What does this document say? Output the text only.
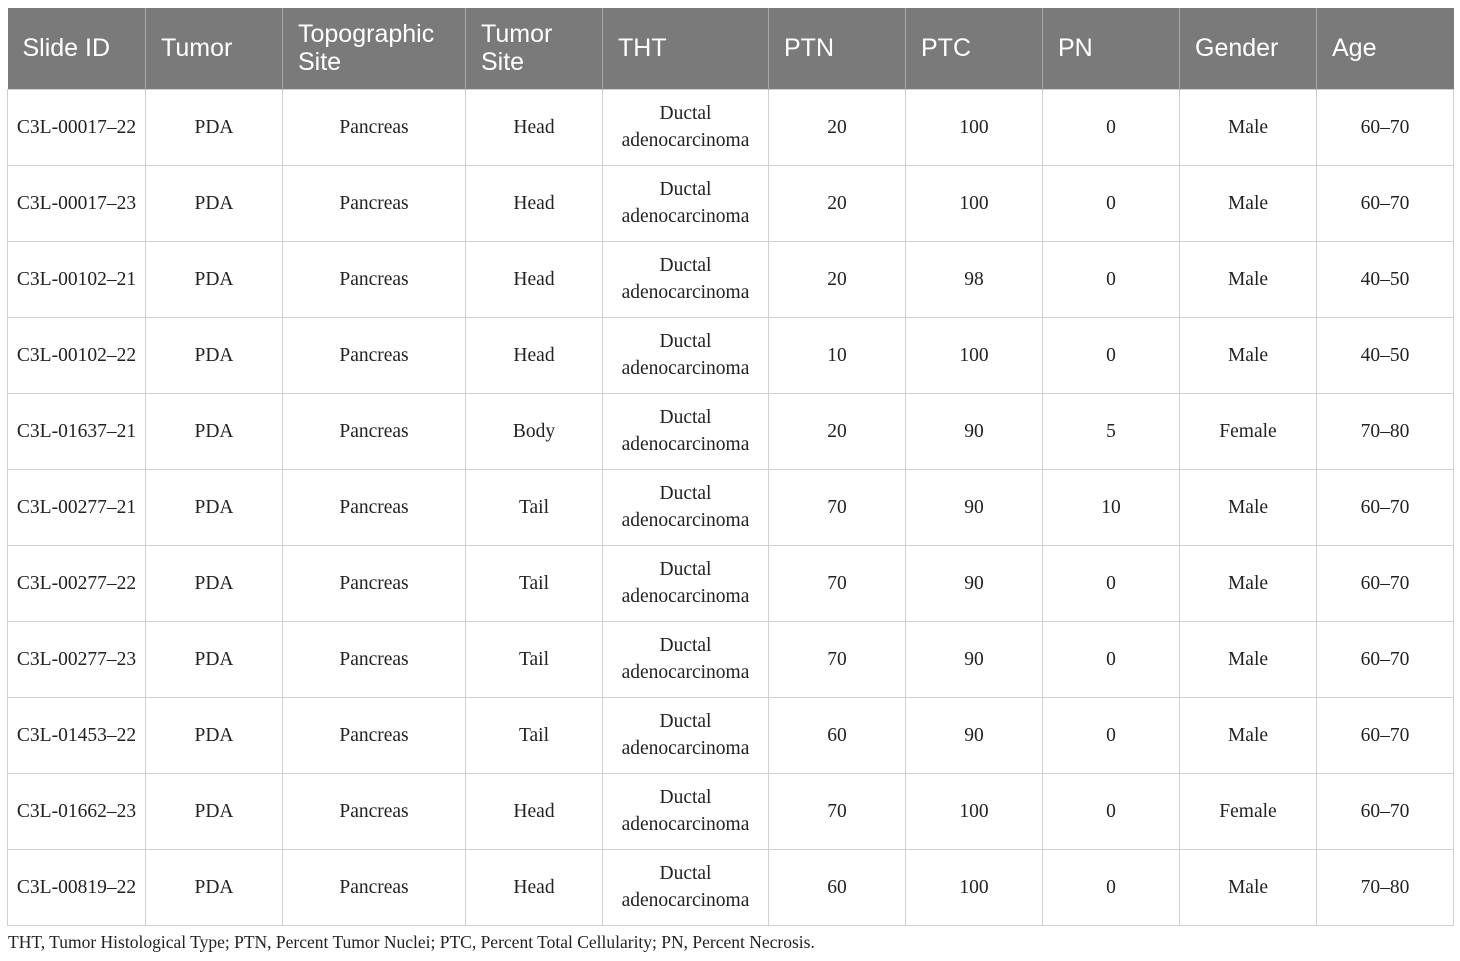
Slide ID	Tumor	Topographic Site	Tumor Site	THT	PTN	PTC	PN	Gender	Age
C3L-00017–22	PDA	Pancreas	Head	Ductal adenocarcinoma	20	100	0	Male	60–70
C3L-00017–23	PDA	Pancreas	Head	Ductal adenocarcinoma	20	100	0	Male	60–70
C3L-00102–21	PDA	Pancreas	Head	Ductal adenocarcinoma	20	98	0	Male	40–50
C3L-00102–22	PDA	Pancreas	Head	Ductal adenocarcinoma	10	100	0	Male	40–50
C3L-01637–21	PDA	Pancreas	Body	Ductal adenocarcinoma	20	90	5	Female	70–80
C3L-00277–21	PDA	Pancreas	Tail	Ductal adenocarcinoma	70	90	10	Male	60–70
C3L-00277–22	PDA	Pancreas	Tail	Ductal adenocarcinoma	70	90	0	Male	60–70
C3L-00277–23	PDA	Pancreas	Tail	Ductal adenocarcinoma	70	90	0	Male	60–70
C3L-01453–22	PDA	Pancreas	Tail	Ductal adenocarcinoma	60	90	0	Male	60–70
C3L-01662–23	PDA	Pancreas	Head	Ductal adenocarcinoma	70	100	0	Female	60–70
C3L-00819–22	PDA	Pancreas	Head	Ductal adenocarcinoma	60	100	0	Male	70–80
THT, Tumor Histological Type; PTN, Percent Tumor Nuclei; PTC, Percent Total Cellularity; PN, Percent Necrosis.
